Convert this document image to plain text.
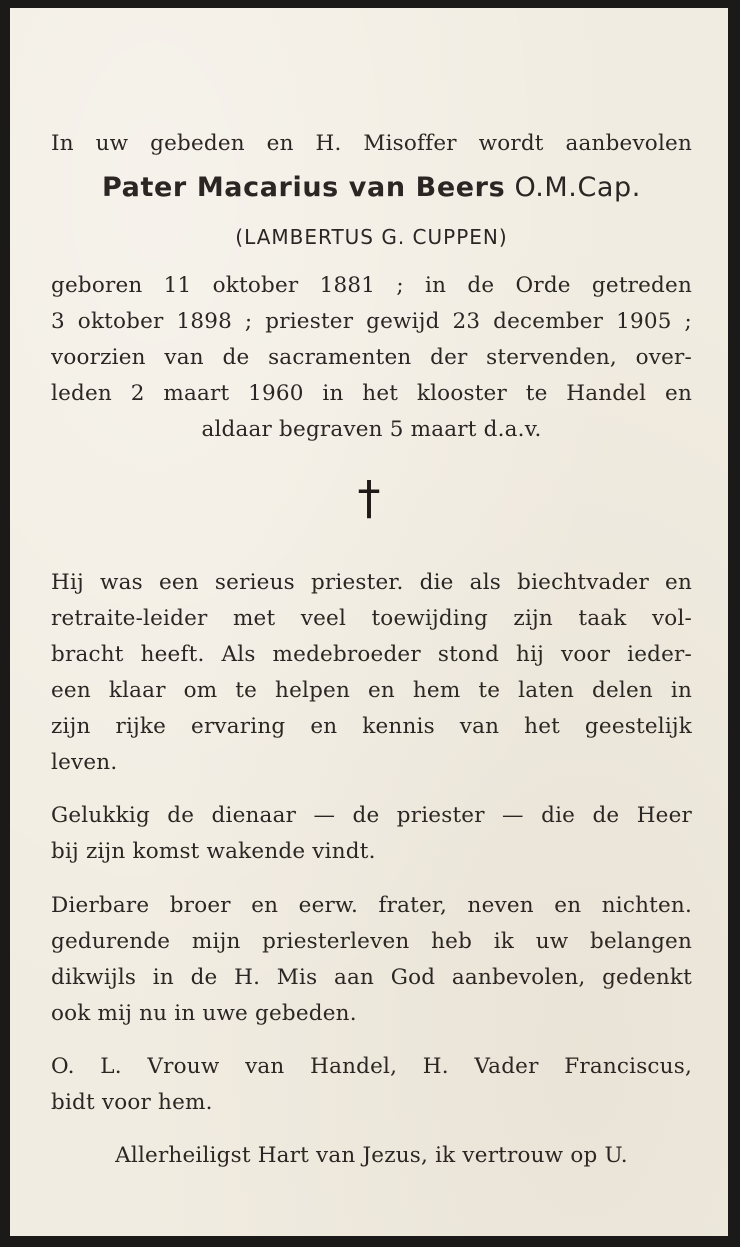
In uw gebeden en H. Misoffer wordt aanbevolen
Pater Macarius van Beers O.M.Cap.
(LAMBERTUS G. CUPPEN)
geboren 11 oktober 1881 ; in de Orde getreden
3 oktober 1898 ; priester gewijd 23 december 1905 ;
voorzien van de sacramenten der stervenden, over-
leden 2 maart 1960 in het klooster te Handel en
aldaar begraven 5 maart d.a.v.
†
Hij was een serieus priester. die als biechtvader en
retraite-leider met veel toewijding zijn taak vol-
bracht heeft. Als medebroeder stond hij voor ieder-
een klaar om te helpen en hem te laten delen in
zijn rijke ervaring en kennis van het geestelijk
leven.
Gelukkig de dienaar — de priester — die de Heer
bij zijn komst wakende vindt.
Dierbare broer en eerw. frater, neven en nichten.
gedurende mijn priesterleven heb ik uw belangen
dikwijls in de H. Mis aan God aanbevolen, gedenkt
ook mij nu in uwe gebeden.
O. L. Vrouw van Handel, H. Vader Franciscus,
bidt voor hem.
Allerheiligst Hart van Jezus, ik vertrouw op U.
